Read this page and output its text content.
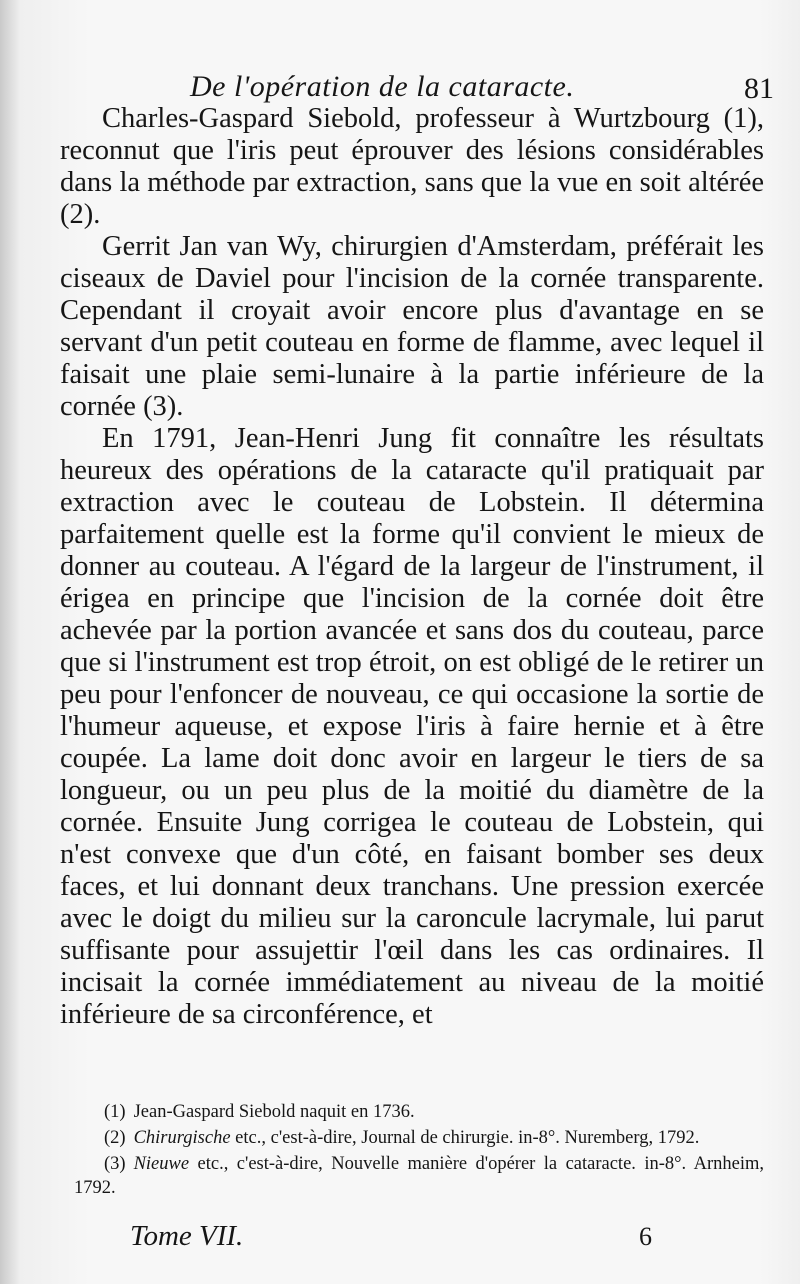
De l'opération de la cataracte.	81

Charles-Gaspard Siebold, professeur à Wurtzbourg (1), reconnut que l'iris peut éprouver des lésions considérables dans la méthode par extraction, sans que la vue en soit altérée (2).

Gerrit Jan van Wy, chirurgien d'Amsterdam, préférait les ciseaux de Daviel pour l'incision de la cornée transparente. Cependant il croyait avoir encore plus d'avantage en se servant d'un petit couteau en forme de flamme, avec lequel il faisait une plaie semi-lunaire à la partie inférieure de la cornée (3).

En 1791, Jean-Henri Jung fit connaître les résultats heureux des opérations de la cataracte qu'il pratiquait par extraction avec le couteau de Lobstein. Il détermina parfaitement quelle est la forme qu'il convient le mieux de donner au couteau. A l'égard de la largeur de l'instrument, il érigea en principe que l'incision de la cornée doit être achevée par la portion avancée et sans dos du couteau, parce que si l'instrument est trop étroit, on est obligé de le retirer un peu pour l'enfoncer de nouveau, ce qui occasione la sortie de l'humeur aqueuse, et expose l'iris à faire hernie et à être coupée. La lame doit donc avoir en largeur le tiers de sa longueur, ou un peu plus de la moitié du diamètre de la cornée. Ensuite Jung corrigea le couteau de Lobstein, qui n'est convexe que d'un côté, en faisant bomber ses deux faces, et lui donnant deux tranchans. Une pression exercée avec le doigt du milieu sur la caroncule lacrymale, lui parut suffisante pour assujettir l'œil dans les cas ordinaires. Il incisait la cornée immédiatement au niveau de la moitié inférieure de sa circonférence, et

(1) Jean-Gaspard Siebold naquit en 1736.

(2) Chirurgische etc., c'est-à-dire, Journal de chirurgie. in-8°. Nuremberg, 1792.

(3) Nieuwe etc., c'est-à-dire, Nouvelle manière d'opérer la cataracte. in-8°. Arnheim, 1792.

Tome VII.	6
